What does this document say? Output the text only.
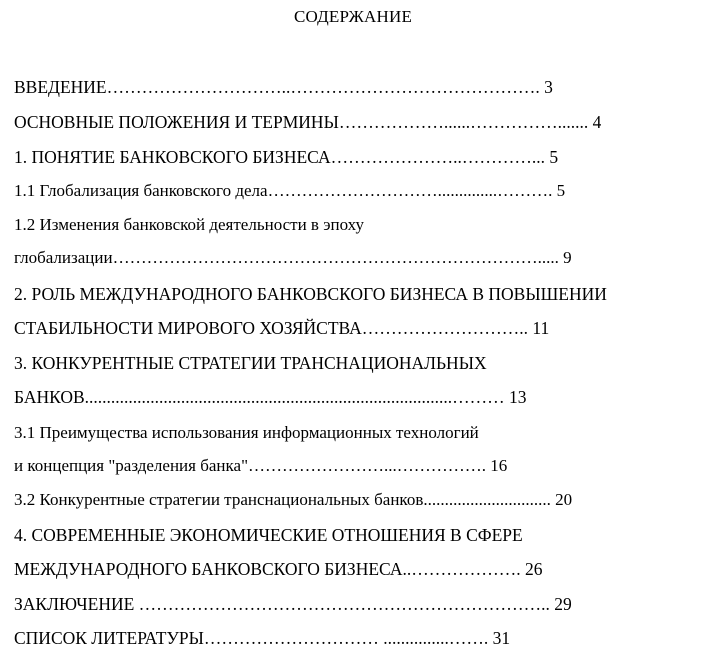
СОДЕРЖАНИЕ
ВВЕДЕНИЕ…………………………..……………………………………. 3
ОСНОВНЫЕ ПОЛОЖЕНИЯ И ТЕРМИНЫ………………......……………....... 4
1. ПОНЯТИЕ БАНКОВСКОГО БИЗНЕСА…………………..…………... 5
1.1 Глобализация банковского дела…………………………..............………. 5
1.2 Изменения банковской деятельности в эпоху
глобализации…………………………………………………………………..... 9
2. РОЛЬ МЕЖДУНАРОДНОГО БАНКОВСКОГО БИЗНЕСА В ПОВЫШЕНИИ
СТАБИЛЬНОСТИ МИРОВОГО ХОЗЯЙСТВА……………………….. 11
3. КОНКУРЕНТНЫЕ СТРАТЕГИИ ТРАНСНАЦИОНАЛЬНЫХ
БАНКОВ....................................................................................……… 13
3.1 Преимущества использования информационных технологий
и концепция "разделения банка"……………………...……………. 16
3.2 Конкурентные стратегии транснациональных банков.............................. 20
4. СОВРЕМЕННЫЕ ЭКОНОМИЧЕСКИЕ ОТНОШЕНИЯ В СФЕРЕ
МЕЖДУНАРОДНОГО БАНКОВСКОГО БИЗНЕСА..………………. 26
ЗАКЛЮЧЕНИЕ …………………………………………………………….. 29
СПИСОК ЛИТЕРАТУРЫ………………………… ...............……. 31
